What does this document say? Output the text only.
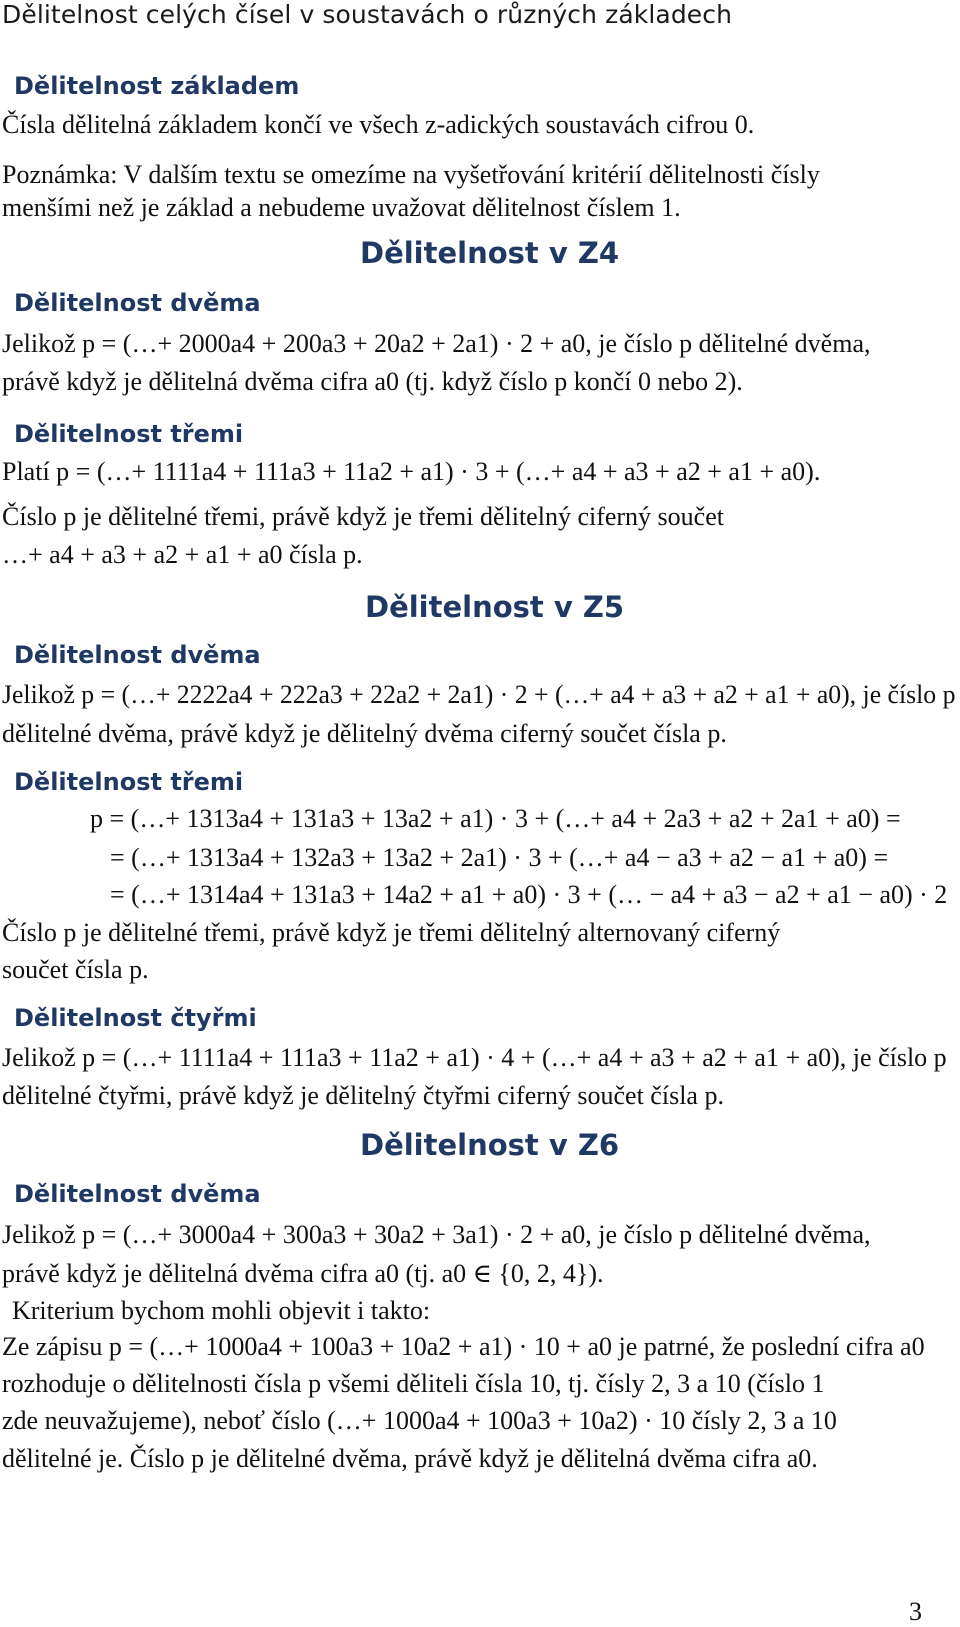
Dělitelnost celých čísel v soustavách o různých základech
Dělitelnost základem
Čísla dělitelná základem končí ve všech z-adických soustavách cifrou 0.
Poznámka: V dalším textu se omezíme na vyšetřování kritérií dělitelnosti čísly
menšími než je základ a nebudeme uvažovat dělitelnost číslem 1.
Dělitelnost v Z4
Dělitelnost dvěma
Jelikož p = (…+ 2000a4 + 200a3 + 20a2 + 2a1) · 2 + a0, je číslo p dělitelné dvěma,
právě když je dělitelná dvěma cifra a0 (tj. když číslo p končí 0 nebo 2).
Dělitelnost třemi
Platí p = (…+ 1111a4 + 111a3 + 11a2 + a1) · 3 + (…+ a4 + a3 + a2 + a1 + a0).
Číslo p je dělitelné třemi, právě když je třemi dělitelný ciferný součet
…+ a4 + a3 + a2 + a1 + a0 čísla p.
Dělitelnost v Z5
Dělitelnost dvěma
Jelikož p = (…+ 2222a4 + 222a3 + 22a2 + 2a1) · 2 + (…+ a4 + a3 + a2 + a1 + a0), je číslo p
dělitelné dvěma, právě když je dělitelný dvěma ciferný součet čísla p.
Dělitelnost třemi
p = (…+ 1313a4 + 131a3 + 13a2 + a1) · 3 + (…+ a4 + 2a3 + a2 + 2a1 + a0) =
= (…+ 1313a4 + 132a3 + 13a2 + 2a1) · 3 + (…+ a4 − a3 + a2 − a1 + a0) =
= (…+ 1314a4 + 131a3 + 14a2 + a1 + a0) · 3 + (… − a4 + a3 − a2 + a1 − a0) · 2
Číslo p je dělitelné třemi, právě když je třemi dělitelný alternovaný ciferný
součet čísla p.
Dělitelnost čtyřmi
Jelikož p = (…+ 1111a4 + 111a3 + 11a2 + a1) · 4 + (…+ a4 + a3 + a2 + a1 + a0), je číslo p
dělitelné čtyřmi, právě když je dělitelný čtyřmi ciferný součet čísla p.
Dělitelnost v Z6
Dělitelnost dvěma
Jelikož p = (…+ 3000a4 + 300a3 + 30a2 + 3a1) · 2 + a0, je číslo p dělitelné dvěma,
právě když je dělitelná dvěma cifra a0 (tj. a0 ∈ {0, 2, 4}).
Kriterium bychom mohli objevit i takto:
Ze zápisu p = (…+ 1000a4 + 100a3 + 10a2 + a1) · 10 + a0 je patrné, že poslední cifra a0
rozhoduje o dělitelnosti čísla p všemi děliteli čísla 10, tj. čísly 2, 3 a 10 (číslo 1
zde neuvažujeme), neboť číslo (…+ 1000a4 + 100a3 + 10a2) · 10 čísly 2, 3 a 10
dělitelné je. Číslo p je dělitelné dvěma, právě když je dělitelná dvěma cifra a0.
3
